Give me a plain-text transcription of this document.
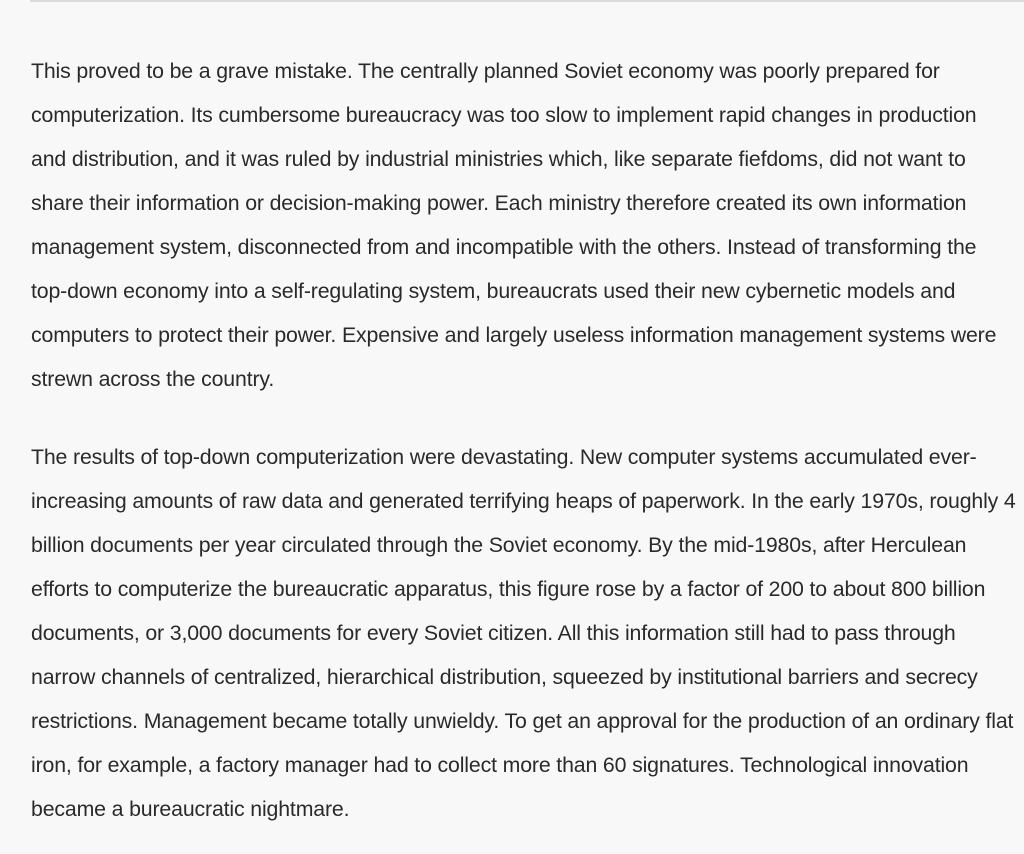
This proved to be a grave mistake. The centrally planned Soviet economy was poorly prepared for computerization. Its cumbersome bureaucracy was too slow to implement rapid changes in production and distribution, and it was ruled by industrial ministries which, like separate fiefdoms, did not want to share their information or decision-making power. Each ministry therefore created its own information management system, disconnected from and incompatible with the others. Instead of transforming the top-down economy into a self-regulating system, bureaucrats used their new cybernetic models and computers to protect their power. Expensive and largely useless information management systems were strewn across the country.

The results of top-down computerization were devastating. New computer systems accumulated ever-increasing amounts of raw data and generated terrifying heaps of paperwork. In the early 1970s, roughly 4 billion documents per year circulated through the Soviet economy. By the mid-1980s, after Herculean efforts to computerize the bureaucratic apparatus, this figure rose by a factor of 200 to about 800 billion documents, or 3,000 documents for every Soviet citizen. All this information still had to pass through narrow channels of centralized, hierarchical distribution, squeezed by institutional barriers and secrecy restrictions. Management became totally unwieldy. To get an approval for the production of an ordinary flat iron, for example, a factory manager had to collect more than 60 signatures. Technological innovation became a bureaucratic nightmare.
